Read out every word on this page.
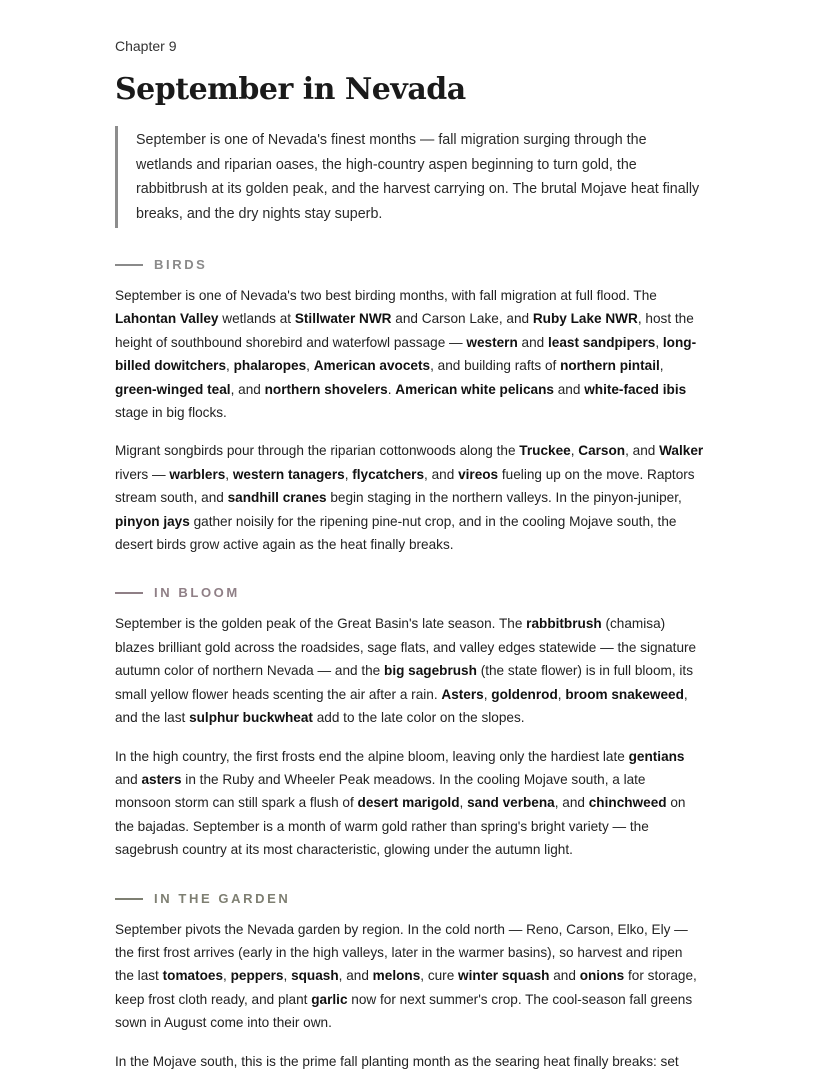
Chapter 9

September in Nevada
September is one of Nevada's finest months — fall migration surging through the wetlands and riparian oases, the high-country aspen beginning to turn gold, the rabbitbrush at its golden peak, and the harvest carrying on. The brutal Mojave heat finally breaks, and the dry nights stay superb.
BIRDS

September is one of Nevada's two best birding months, with fall migration at full flood. The Lahontan Valley wetlands at Stillwater NWR and Carson Lake, and Ruby Lake NWR, host the height of southbound shorebird and waterfowl passage — western and least sandpipers, long-billed dowitchers, phalaropes, American avocets, and building rafts of northern pintail, green-winged teal, and northern shovelers. American white pelicans and white-faced ibis stage in big flocks.

Migrant songbirds pour through the riparian cottonwoods along the Truckee, Carson, and Walker rivers — warblers, western tanagers, flycatchers, and vireos fueling up on the move. Raptors stream south, and sandhill cranes begin staging in the northern valleys. In the pinyon-juniper, pinyon jays gather noisily for the ripening pine-nut crop, and in the cooling Mojave south, the desert birds grow active again as the heat finally breaks.

IN BLOOM

September is the golden peak of the Great Basin's late season. The rabbitbrush (chamisa) blazes brilliant gold across the roadsides, sage flats, and valley edges statewide — the signature autumn color of northern Nevada — and the big sagebrush (the state flower) is in full bloom, its small yellow flower heads scenting the air after a rain. Asters, goldenrod, broom snakeweed, and the last sulphur buckwheat add to the late color on the slopes.

In the high country, the first frosts end the alpine bloom, leaving only the hardiest late gentians and asters in the Ruby and Wheeler Peak meadows. In the cooling Mojave south, a late monsoon storm can still spark a flush of desert marigold, sand verbena, and chinchweed on the bajadas. September is a month of warm gold rather than spring's bright variety — the sagebrush country at its most characteristic, glowing under the autumn light.

IN THE GARDEN

September pivots the Nevada garden by region. In the cold north — Reno, Carson, Elko, Ely — the first frost arrives (early in the high valleys, later in the warmer basins), so harvest and ripen the last tomatoes, peppers, squash, and melons, cure winter squash and onions for storage, keep frost cloth ready, and plant garlic now for next summer's crop. The cool-season fall greens sown in August come into their own.

In the Mojave south, this is the prime fall planting month as the searing heat finally breaks: set
